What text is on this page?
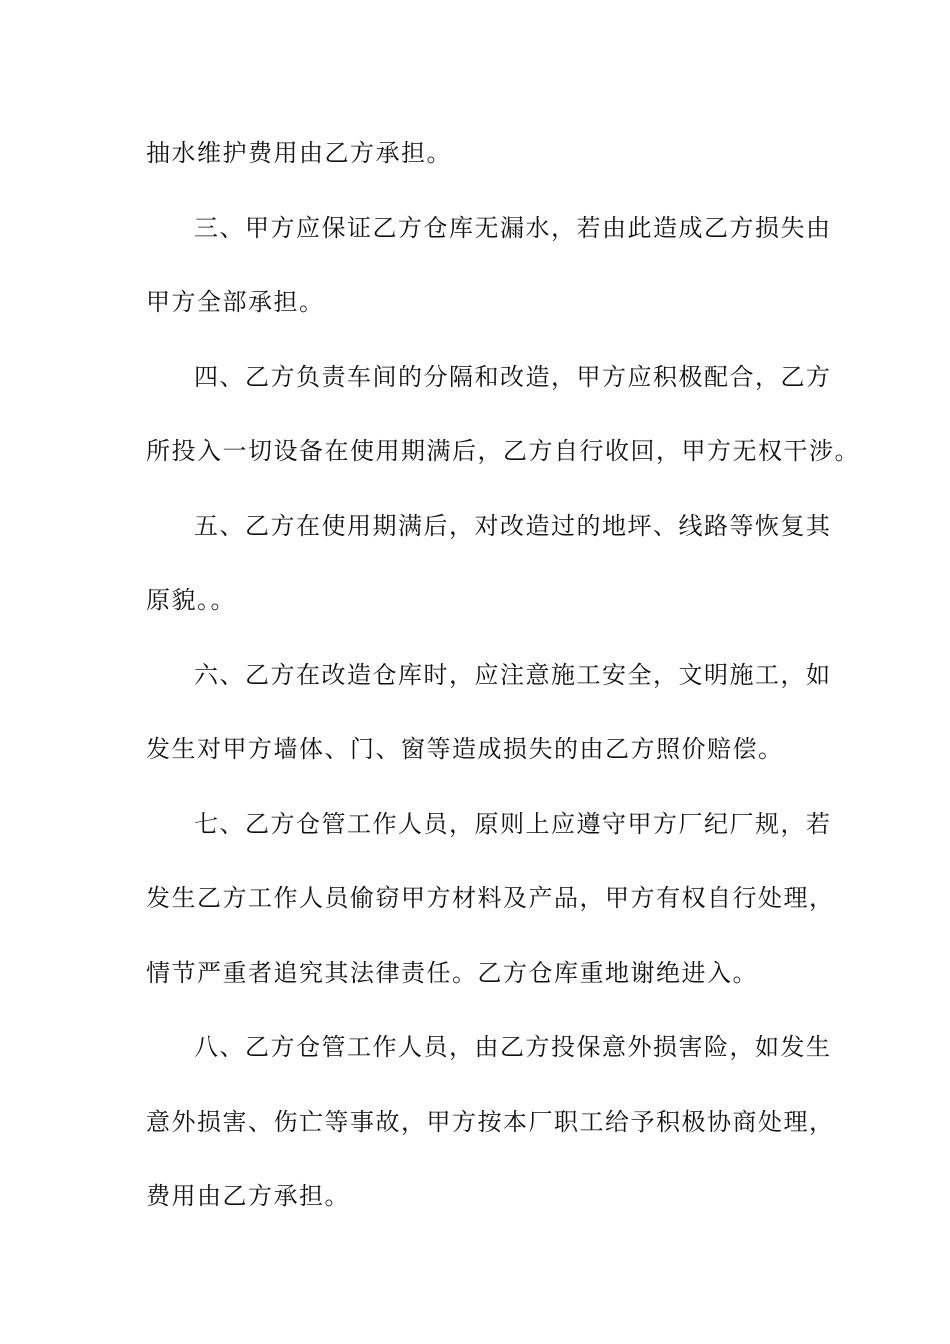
抽水维护费用由乙方承担。
三、甲方应保证乙方仓库无漏水，若由此造成乙方损失由
甲方全部承担。
四、乙方负责车间的分隔和改造，甲方应积极配合，乙方
所投入一切设备在使用期满后，乙方自行收回，甲方无权干涉。
五、乙方在使用期满后，对改造过的地坪、线路等恢复其
原貌。。
六、乙方在改造仓库时，应注意施工安全，文明施工，如
发生对甲方墙体、门、窗等造成损失的由乙方照价赔偿。
七、乙方仓管工作人员，原则上应遵守甲方厂纪厂规，若
发生乙方工作人员偷窃甲方材料及产品，甲方有权自行处理，
情节严重者追究其法律责任。乙方仓库重地谢绝进入。
八、乙方仓管工作人员，由乙方投保意外损害险，如发生
意外损害、伤亡等事故，甲方按本厂职工给予积极协商处理，
费用由乙方承担。
